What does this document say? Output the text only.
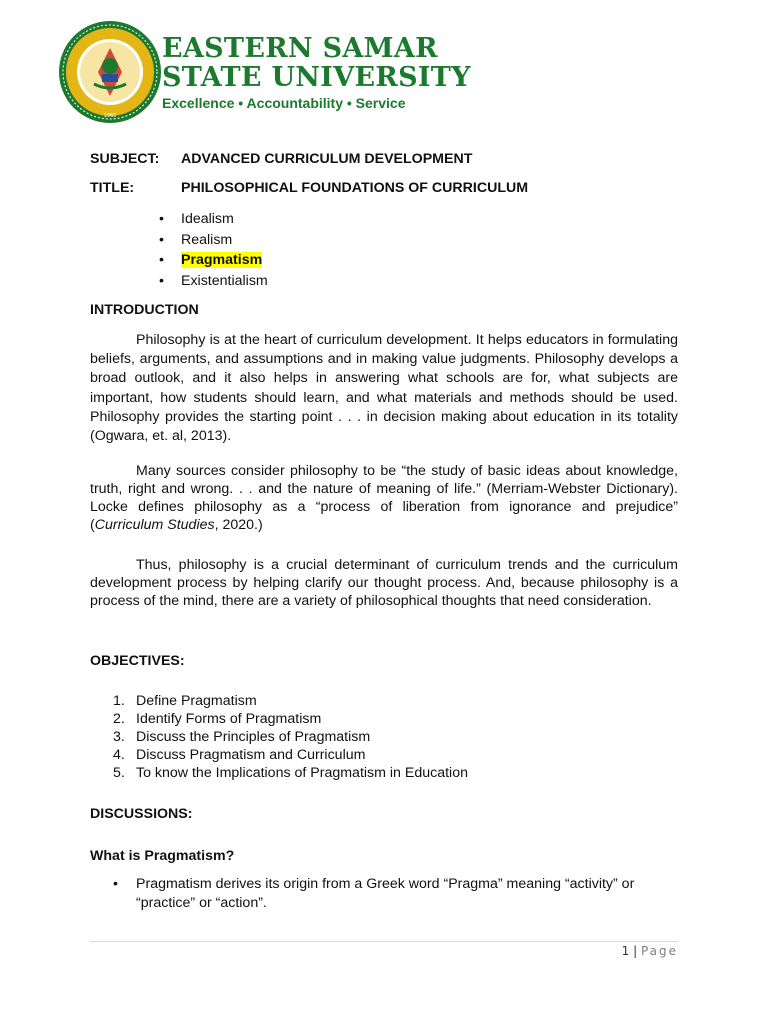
1960
EASTERN SAMAR
STATE UNIVERSITY
Excellence • Accountability • Service
SUBJECT: ADVANCED CURRICULUM DEVELOPMENT
TITLE:	PHILOSOPHICAL FOUNDATIONS OF CURRICULUM
• Idealism
• Realism
• Pragmatism
• Existentialism
INTRODUCTION

Philosophy is at the heart of curriculum development. It helps educators in formulating beliefs, arguments, and assumptions and in making value judgments. Philosophy develops a broad outlook, and it also helps in answering what schools are for, what subjects are important, how students should learn, and what materials and methods should be used. Philosophy provides the starting point . . . in decision making about education in its totality (Ogwara, et. al, 2013).

Many sources consider philosophy to be “the study of basic ideas about knowledge, truth, right and wrong. . . and the nature of meaning of life.” (Merriam-Webster Dictionary). Locke defines philosophy as a “process of liberation from ignorance and prejudice” (Curriculum Studies, 2020.)

Thus, philosophy is a crucial determinant of curriculum trends and the curriculum development process by helping clarify our thought process. And, because philosophy is a process of the mind, there are a variety of philosophical thoughts that need consideration.

OBJECTIVES:
1. Define Pragmatism
2. Identify Forms of Pragmatism
3. Discuss the Principles of Pragmatism
4. Discuss Pragmatism and Curriculum
5. To know the Implications of Pragmatism in Education
DISCUSSIONS:
What is Pragmatism?
• Pragmatism derives its origin from a Greek word “Pragma” meaning “activity” or “practice” or “action”.
1 | Page
